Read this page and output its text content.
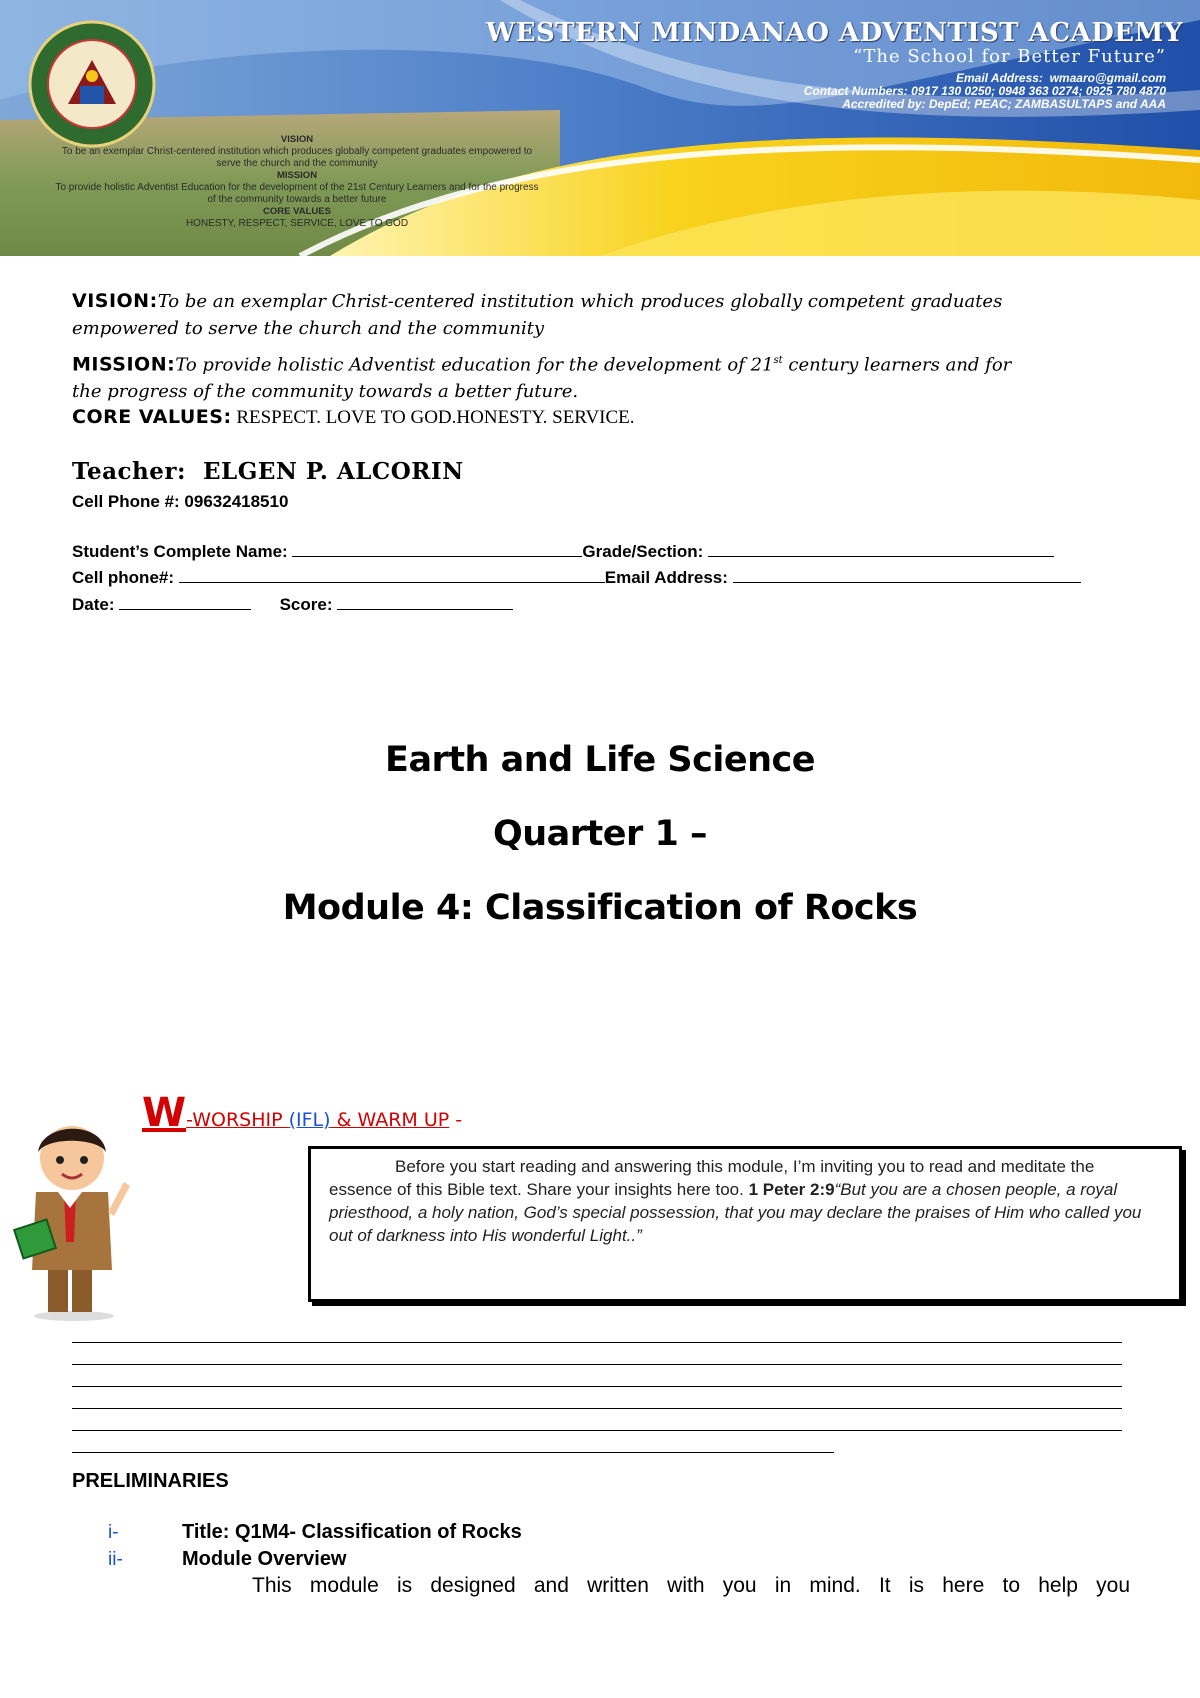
WESTERN MINDANAO ADVENTIST ACADEMY
“The School for Better Future”
Email Address: wmaaro@gmail.com
Contact Numbers: 0917 130 0250; 0948 363 0274; 0925 780 4870
Accredited by: DepEd; PEAC; ZAMBASULTAPS and AAA
VISION
To be an exemplar Christ-centered institution which produces globally competent graduates empowered to serve the church and the community
MISSION
To provide holistic Adventist Education for the development of the 21st Century Learners and for the progress of the community towards a better future
CORE VALUES
HONESTY, RESPECT, SERVICE, LOVE TO GOD
VISION:To be an exemplar Christ-centered institution which produces globally competent graduates
empowered to serve the church and the community
MISSION:To provide holistic Adventist education for the development of 21st century learners and for
the progress of the community towards a better future.
CORE VALUES: RESPECT. LOVE TO GOD.HONESTY. SERVICE.
Teacher: ELGEN P. ALCORIN
Cell Phone #: 09632418510
Student’s Complete Name:	Grade/Section:
Cell phone#:	Email Address:
Date:	Score:
Earth and Life Science
Quarter 1 –
Module 4: Classification of Rocks
W-WORSHIP (IFL) & WARM UP -
Before you start reading and answering this module, I’m inviting you to read and meditate the essence of this Bible text. Share your insights here too. 1 Peter 2:9“But you are a chosen people, a royal priesthood, a holy nation, God’s special possession, that you may declare the praises of Him who called you out of darkness into His wonderful Light..”
PRELIMINARIES
i-	Title: Q1M4- Classification of Rocks
ii-	Module Overview
This module is designed and written with you in mind. It is here to help you
